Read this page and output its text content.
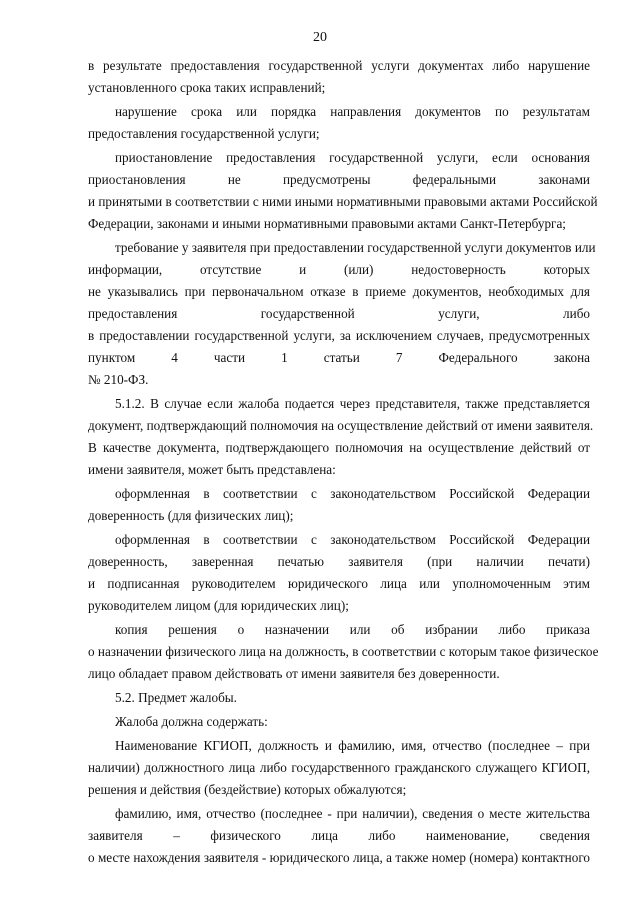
20
в результате предоставления государственной услуги документах либо нарушение
установленного срока таких исправлений;
нарушение срока или порядка направления документов по результатам
предоставления государственной услуги;
приостановление предоставления государственной услуги, если основания
приостановления не предусмотрены федеральными законами
и принятыми в соответствии с ними иными нормативными правовыми актами Российской
Федерации, законами и иными нормативными правовыми актами Санкт-Петербурга;
требование у заявителя при предоставлении государственной услуги документов или
информации, отсутствие и (или) недостоверность которых
не указывались при первоначальном отказе в приеме документов, необходимых для
предоставления государственной услуги, либо
в предоставлении государственной услуги, за исключением случаев, предусмотренных
пунктом 4 части 1 статьи 7 Федерального закона
№ 210-ФЗ.
5.1.2. В случае если жалоба подается через представителя, также представляется
документ, подтверждающий полномочия на осуществление действий от имени заявителя.
В качестве документа, подтверждающего полномочия на осуществление действий от
имени заявителя, может быть представлена:
оформленная в соответствии с законодательством Российской Федерации
доверенность (для физических лиц);
оформленная в соответствии с законодательством Российской Федерации
доверенность, заверенная печатью заявителя (при наличии печати)
и подписанная руководителем юридического лица или уполномоченным этим
руководителем лицом (для юридических лиц);
копия решения о назначении или об избрании либо приказа
о назначении физического лица на должность, в соответствии с которым такое физическое
лицо обладает правом действовать от имени заявителя без доверенности.
5.2. Предмет жалобы.
Жалоба должна содержать:
Наименование КГИОП, должность и фамилию, имя, отчество (последнее – при
наличии) должностного лица либо государственного гражданского служащего КГИОП,
решения и действия (бездействие) которых обжалуются;
фамилию, имя, отчество (последнее - при наличии), сведения о месте жительства
заявителя – физического лица либо наименование, сведения
о месте нахождения заявителя - юридического лица, а также номер (номера) контактного
